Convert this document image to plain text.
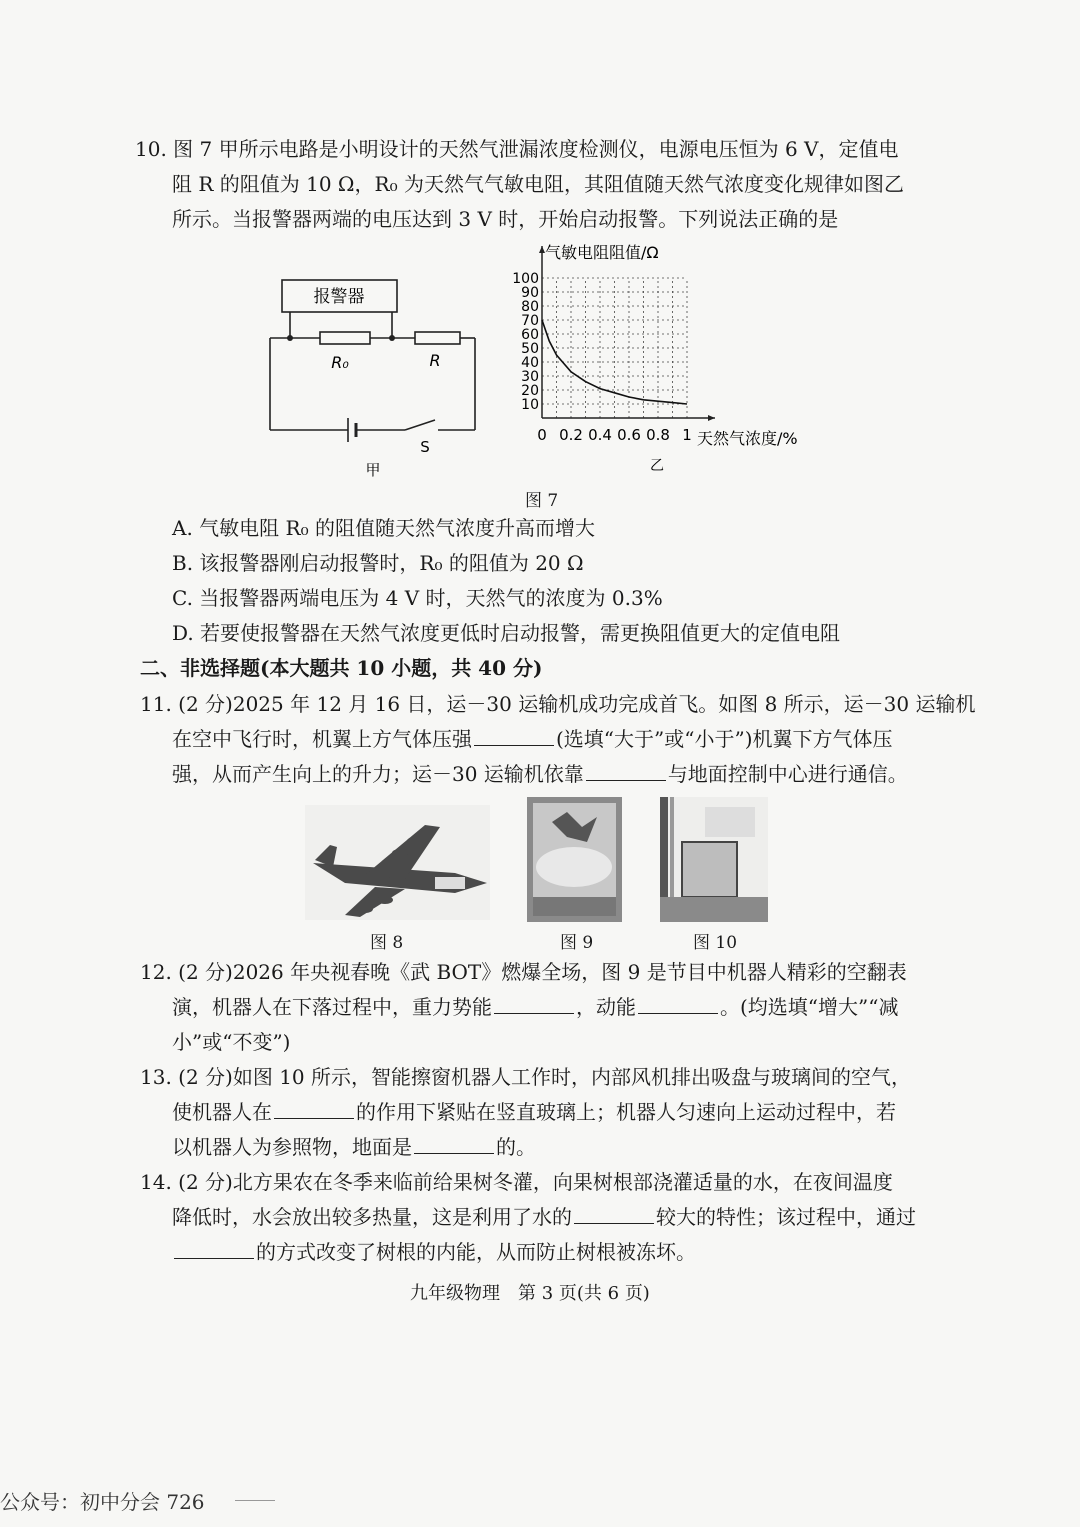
10. 图 7 甲所示电路是小明设计的天然气泄漏浓度检测仪，电源电压恒为 6 V，定值电
阻 R 的阻值为 10 Ω，R₀ 为天然气气敏电阻，其阻值随天然气浓度变化规律如图乙
所示。当报警器两端的电压达到 3 V 时，开始启动报警。下列说法正确的是
报警器
R₀	R
S
甲
0 0.2 0.4 0.6 0.8 1
10
20
30
40
50
60
70
80
90
100
气敏电阻阻值/Ω
天然气浓度/%
乙
图 7
A. 气敏电阻 R₀ 的阻值随天然气浓度升高而增大
B. 该报警器刚启动报警时，R₀ 的阻值为 20 Ω
C. 当报警器两端电压为 4 V 时，天然气的浓度为 0.3%
D. 若要使报警器在天然气浓度更低时启动报警，需更换阻值更大的定值电阻
二、非选择题(本大题共 10 小题，共 40 分)
11. (2 分)2025 年 12 月 16 日，运－30 运输机成功完成首飞。如图 8 所示，运－30 运输机
在空中飞行时，机翼上方气体压强	(选填“大于”或“小于”)机翼下方气体压
强，从而产生向上的升力；运－30 运输机依靠	与地面控制中心进行通信。
图 8	图 9	图 10
12. (2 分)2026 年央视春晚《武 BOT》燃爆全场，图 9 是节目中机器人精彩的空翻表
演，机器人在下落过程中，重力势能	，动能	。(均选填“增大”“减
小”或“不变”)
13. (2 分)如图 10 所示，智能擦窗机器人工作时，内部风机排出吸盘与玻璃间的空气，
使机器人在	的作用下紧贴在竖直玻璃上；机器人匀速向上运动过程中，若
以机器人为参照物，地面是	的。
14. (2 分)北方果农在冬季来临前给果树冬灌，向果树根部浇灌适量的水，在夜间温度
降低时，水会放出较多热量，这是利用了水的	较大的特性；该过程中，通过
的方式改变了树根的内能，从而防止树根被冻坏。
九年级物理　第 3 页(共 6 页)
公众号：初中分会 726
